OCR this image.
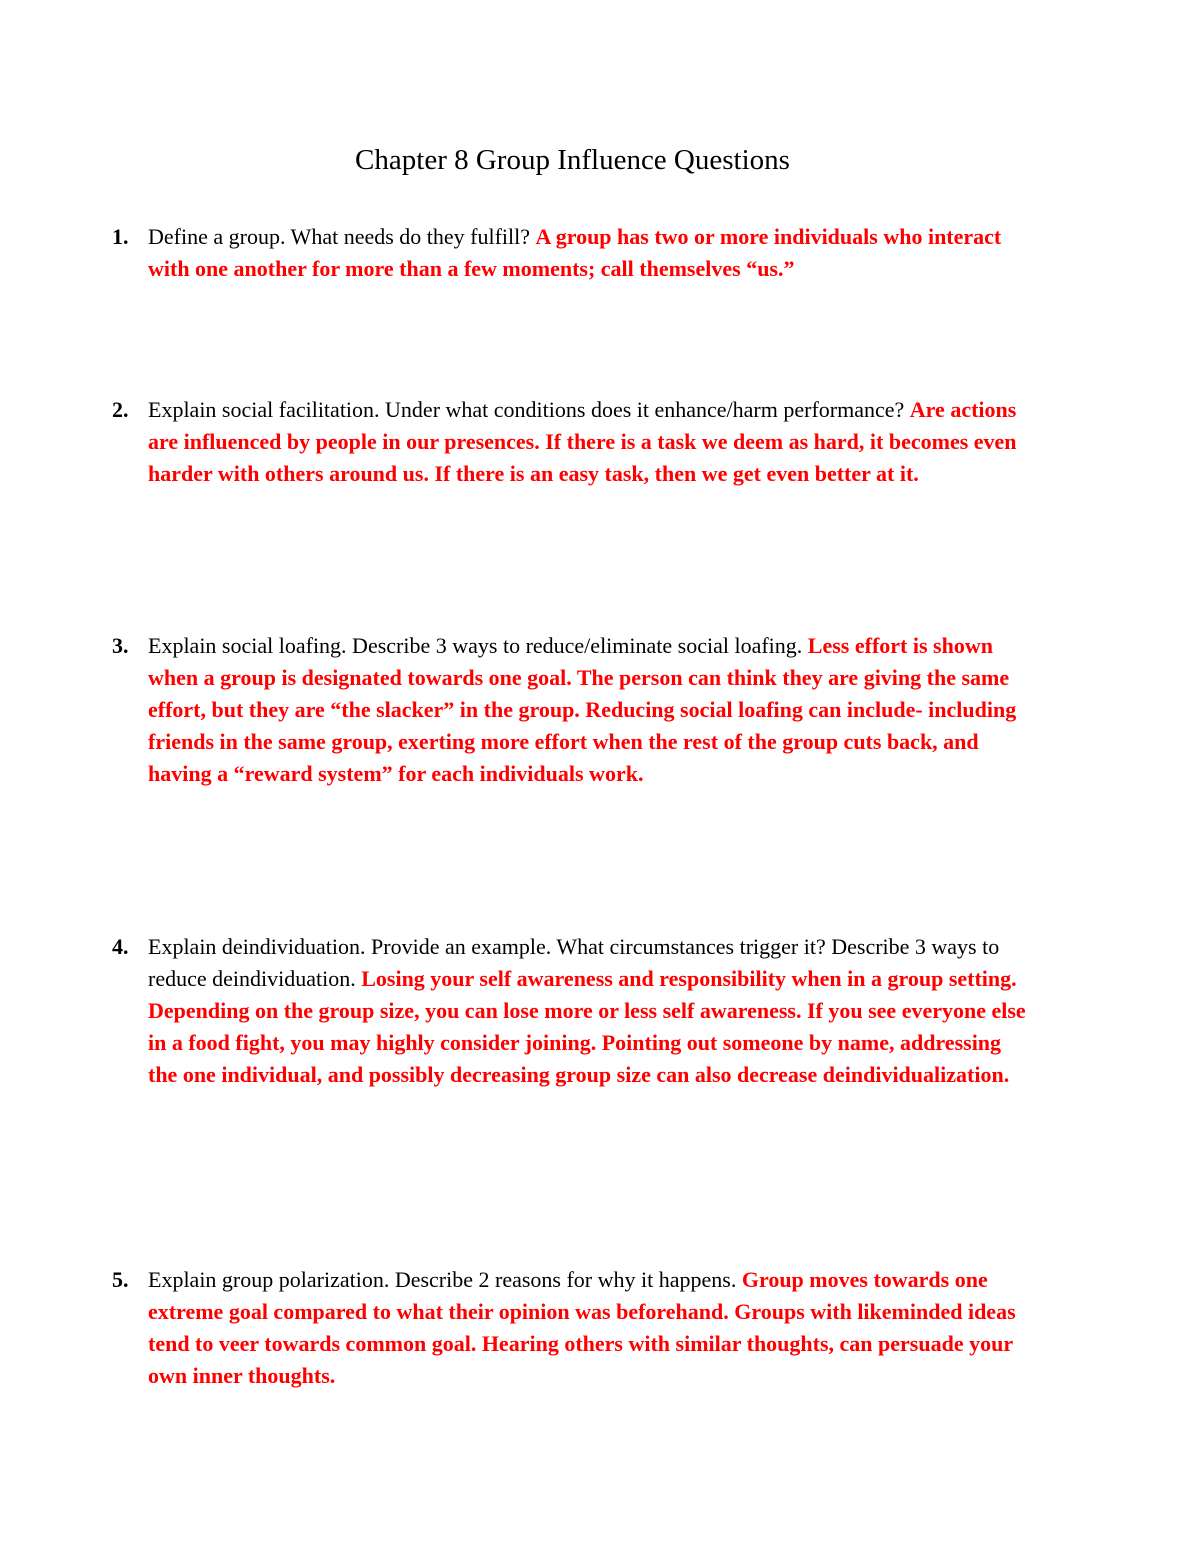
Chapter 8 Group Influence Questions
1. Define a group. What needs do they fulfill? A group has two or more individuals who interact with one another for more than a few moments; call themselves “us.”
2. Explain social facilitation. Under what conditions does it enhance/harm performance? Are actions are influenced by people in our presences. If there is a task we deem as hard, it becomes even harder with others around us. If there is an easy task, then we get even better at it.
3. Explain social loafing. Describe 3 ways to reduce/eliminate social loafing. Less effort is shown when a group is designated towards one goal. The person can think they are giving the same effort, but they are “the slacker” in the group. Reducing social loafing can include- including friends in the same group, exerting more effort when the rest of the group cuts back, and having a “reward system” for each individuals work.
4. Explain deindividuation. Provide an example. What circumstances trigger it? Describe 3 ways to reduce deindividuation. Losing your self awareness and responsibility when in a group setting. Depending on the group size, you can lose more or less self awareness. If you see everyone else in a food fight, you may highly consider joining. Pointing out someone by name, addressing the one individual, and possibly decreasing group size can also decrease deindividualization.
5. Explain group polarization. Describe 2 reasons for why it happens. Group moves towards one extreme goal compared to what their opinion was beforehand. Groups with likeminded ideas tend to veer towards common goal. Hearing others with similar thoughts, can persuade your own inner thoughts.
